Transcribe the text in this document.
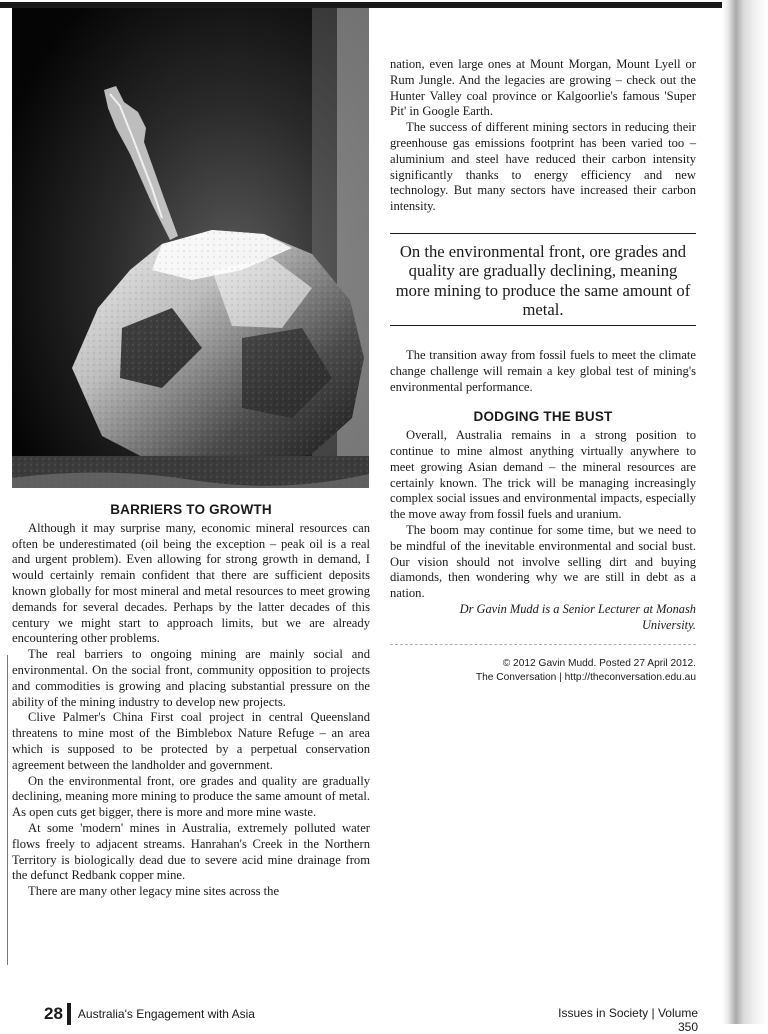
BARRIERS TO GROWTH

Although it may surprise many, economic mineral resources can often be underestimated (oil being the exception – peak oil is a real and urgent problem). Even allowing for strong growth in demand, I would certainly remain confident that there are sufficient deposits known globally for most mineral and metal resources to meet growing demands for several decades. Perhaps by the latter decades of this century we might start to approach limits, but we are already encountering other problems.

The real barriers to ongoing mining are mainly social and environmental. On the social front, community opposition to projects and commodities is growing and placing substantial pressure on the ability of the mining industry to develop new projects.

Clive Palmer's China First coal project in central Queensland threatens to mine most of the Bimblebox Nature Refuge – an area which is supposed to be protected by a perpetual conservation agreement between the landholder and government.

On the environmental front, ore grades and quality are gradually declining, meaning more mining to produce the same amount of metal. As open cuts get bigger, there is more and more mine waste.

At some 'modern' mines in Australia, extremely polluted water flows freely to adjacent streams. Hanrahan's Creek in the Northern Territory is biologically dead due to severe acid mine drainage from the defunct Redbank copper mine.

There are many other legacy mine sites across the

nation, even large ones at Mount Morgan, Mount Lyell or Rum Jungle. And the legacies are growing – check out the Hunter Valley coal province or Kalgoorlie's famous 'Super Pit' in Google Earth.

The success of different mining sectors in reducing their greenhouse gas emissions footprint has been varied too – aluminium and steel have reduced their carbon intensity significantly thanks to energy efficiency and new technology. But many sectors have increased their carbon intensity.

On the environmental front, ore grades and quality are gradually declining, meaning more mining to produce the same amount of metal.

The transition away from fossil fuels to meet the climate change challenge will remain a key global test of mining's environmental performance.

DODGING THE BUST

Overall, Australia remains in a strong position to continue to mine almost anything virtually anywhere to meet growing Asian demand – the mineral resources are certainly known. The trick will be managing increasingly complex social issues and environmental impacts, especially the move away from fossil fuels and uranium.

The boom may continue for some time, but we need to be mindful of the inevitable environmental and social bust. Our vision should not involve selling dirt and buying diamonds, then wondering why we are still in debt as a nation.

Dr Gavin Mudd is a Senior Lecturer at Monash University.

© 2012 Gavin Mudd. Posted 27 April 2012.
The Conversation | http://theconversation.edu.au
28 Australia's Engagement with Asia	Issues in Society | Volume 350
